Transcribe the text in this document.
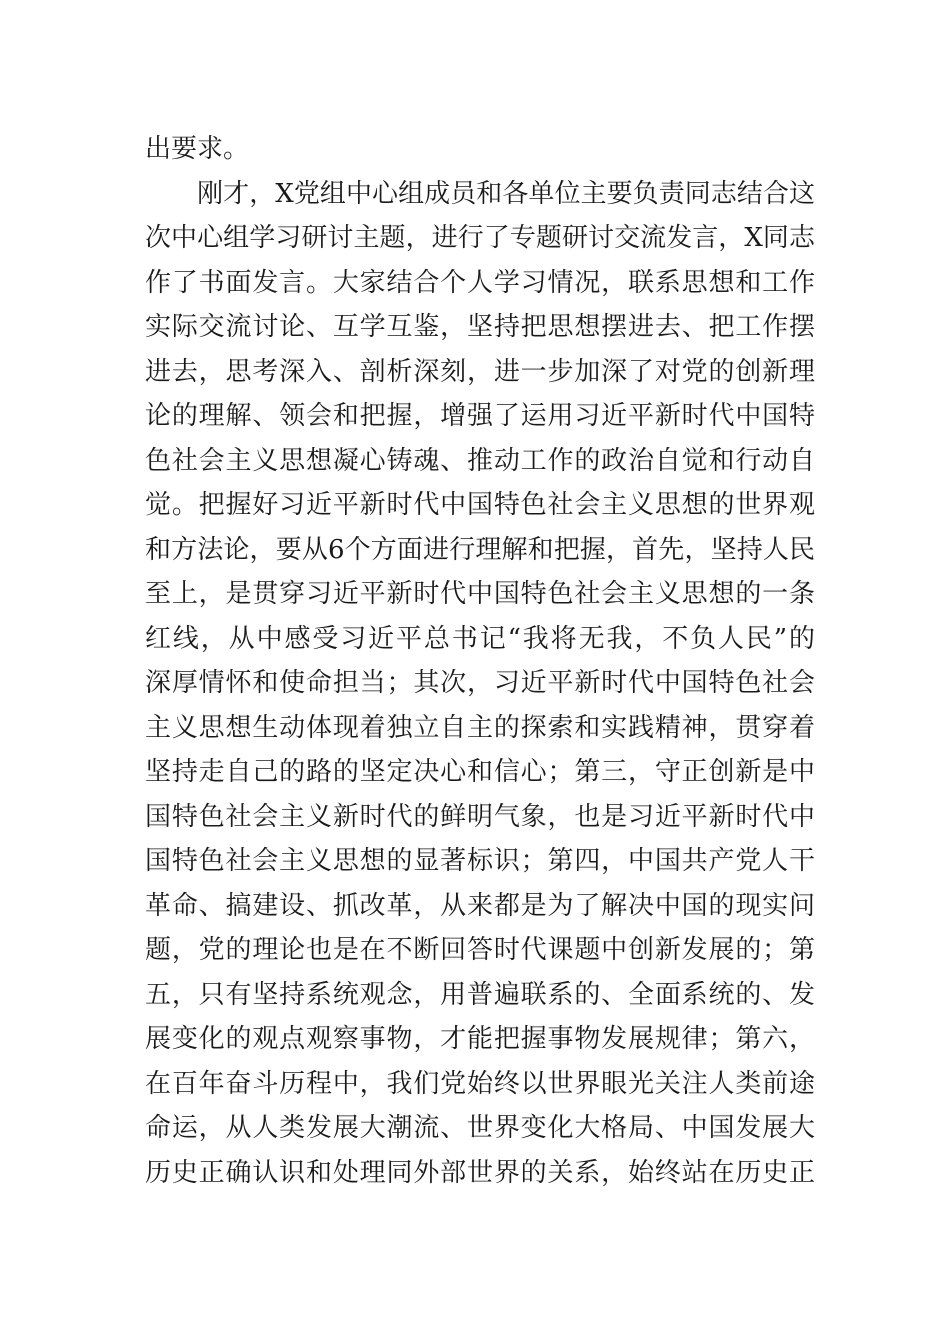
出要求。
　　刚才，X党组中心组成员和各单位主要负责同志结合这
次中心组学习研讨主题，进行了专题研讨交流发言，X同志
作了书面发言。大家结合个人学习情况，联系思想和工作
实际交流讨论、互学互鉴，坚持把思想摆进去、把工作摆
进去，思考深入、剖析深刻，进一步加深了对党的创新理
论的理解、领会和把握，增强了运用习近平新时代中国特
色社会主义思想凝心铸魂、推动工作的政治自觉和行动自
觉。把握好习近平新时代中国特色社会主义思想的世界观
和方法论，要从6个方面进行理解和把握，首先，坚持人民
至上，是贯穿习近平新时代中国特色社会主义思想的一条
红线，从中感受习近平总书记“我将无我，不负人民”的
深厚情怀和使命担当；其次，习近平新时代中国特色社会
主义思想生动体现着独立自主的探索和实践精神，贯穿着
坚持走自己的路的坚定决心和信心；第三，守正创新是中
国特色社会主义新时代的鲜明气象，也是习近平新时代中
国特色社会主义思想的显著标识；第四，中国共产党人干
革命、搞建设、抓改革，从来都是为了解决中国的现实问
题，党的理论也是在不断回答时代课题中创新发展的；第
五，只有坚持系统观念，用普遍联系的、全面系统的、发
展变化的观点观察事物，才能把握事物发展规律；第六，
在百年奋斗历程中，我们党始终以世界眼光关注人类前途
命运，从人类发展大潮流、世界变化大格局、中国发展大
历史正确认识和处理同外部世界的关系，始终站在历史正
